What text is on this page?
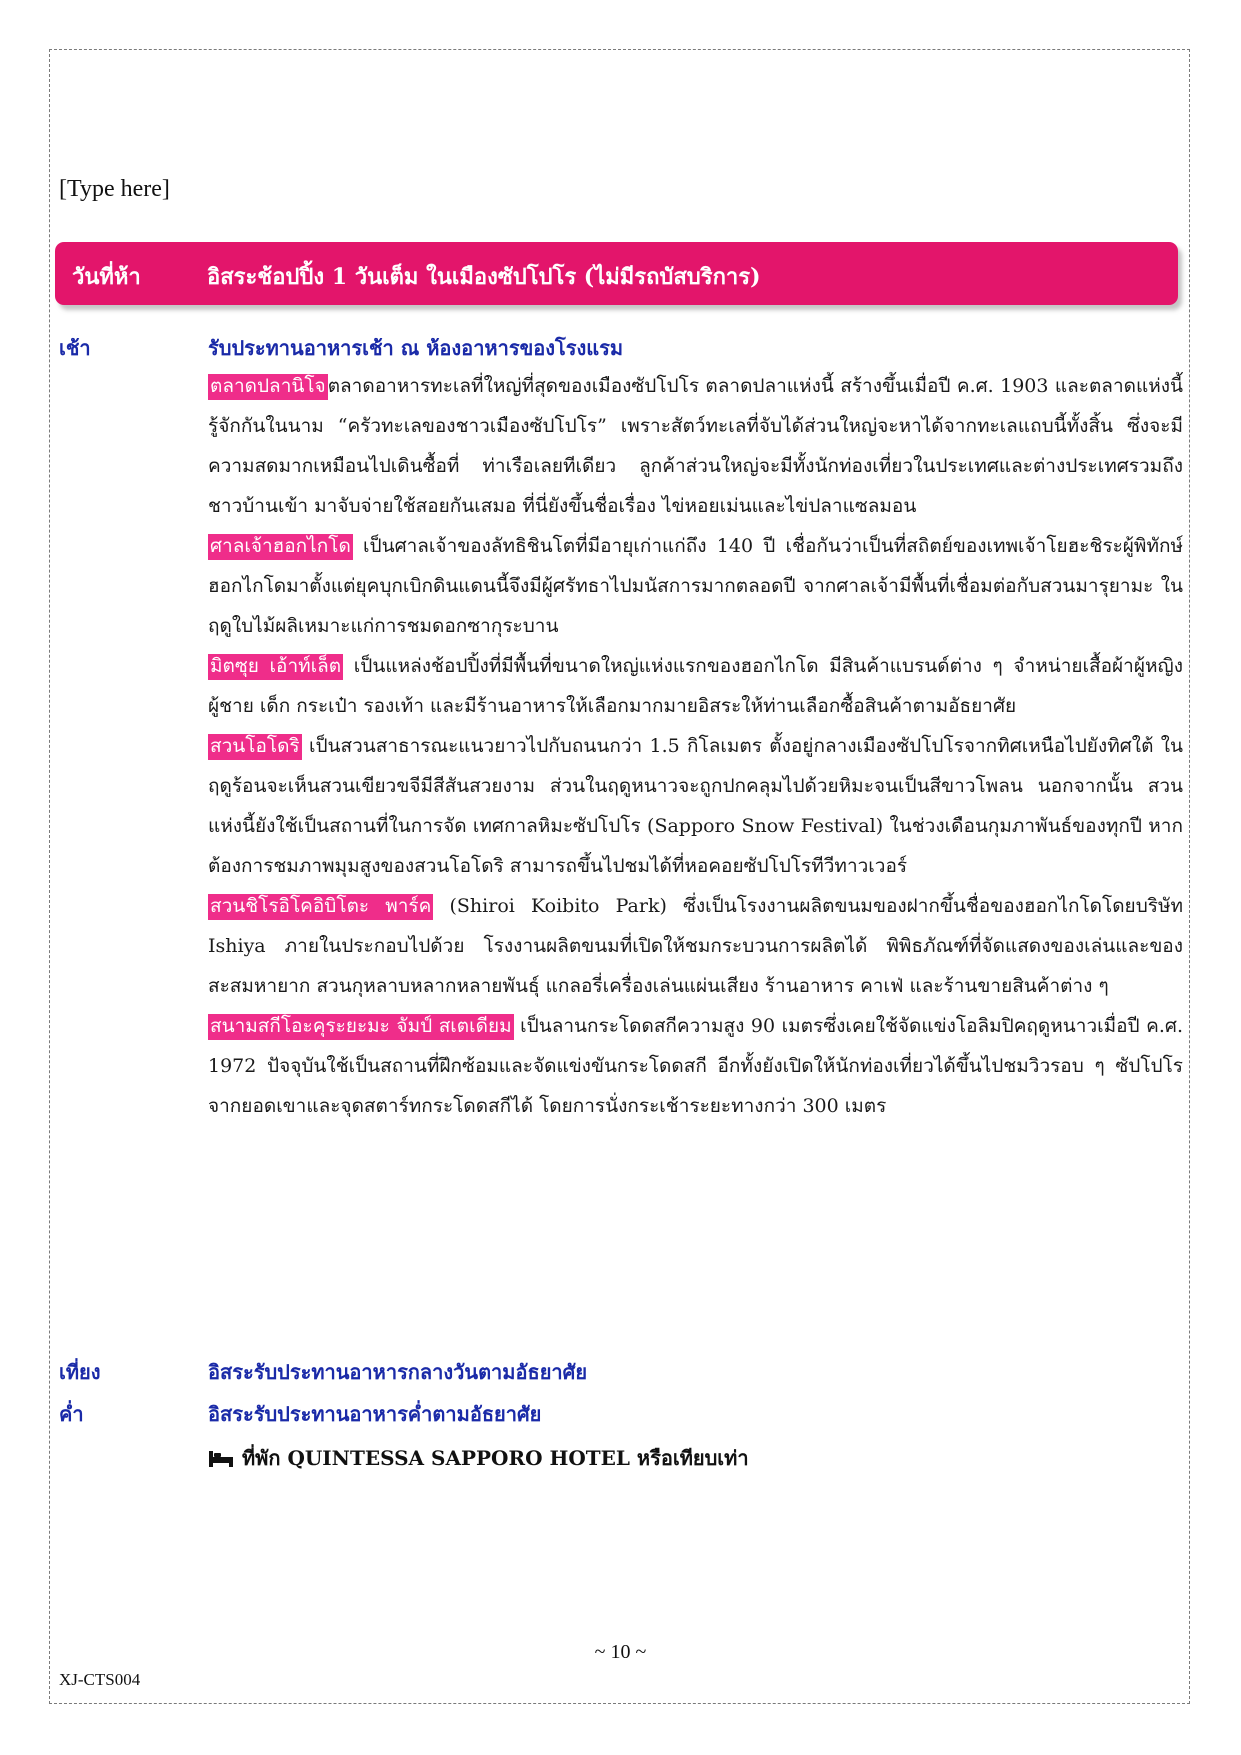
[Type here]
วันที่ห้า	อิสระช้อปปิ้ง 1 วันเต็ม ในเมืองซัปโปโร (ไม่มีรถบัสบริการ)
เช้า	รับประทานอาหารเช้า ณ ห้องอาหารของโรงแรม

ตลาดปลานิโจ ตลาดอาหารทะเลที่ใหญ่ที่สุดของเมืองซัปโปโร ตลาดปลาแห่งนี้ สร้างขึ้นเมื่อปี ค.ศ. 1903 และตลาดแห่งนี้รู้จักกันในนาม “ครัวทะเลของชาวเมืองซัปโปโร” เพราะสัตว์ทะเลที่จับได้ส่วนใหญ่จะหาได้จากทะเลแถบนี้ทั้งสิ้น ซึ่งจะมีความสดมากเหมือนไปเดินซื้อที่ ท่าเรือเลยทีเดียว ลูกค้าส่วนใหญ่จะมีทั้งนักท่องเที่ยวในประเทศและต่างประเทศรวมถึงชาวบ้านเข้า มาจับจ่ายใช้สอยกันเสมอ ที่นี่ยังขึ้นชื่อเรื่อง ไข่หอยเม่นและไข่ปลาแซลมอน

ศาลเจ้าฮอกไกโด เป็นศาลเจ้าของลัทธิชินโตที่มีอายุเก่าแก่ถึง 140 ปี เชื่อกันว่าเป็นที่สถิตย์ของเทพเจ้าโยฮะชิระผู้พิทักษ์ฮอกไกโดมาตั้งแต่ยุคบุกเบิกดินแดนนี้จึงมีผู้ศรัทธาไปมนัสการมากตลอดปี จากศาลเจ้ามีพื้นที่เชื่อมต่อกับสวนมารุยามะ ในฤดูใบไม้ผลิเหมาะแก่การชมดอกซากุระบาน

มิตซุย เอ้าท์เล็ต เป็นแหล่งช้อปปิ้งที่มีพื้นที่ขนาดใหญ่แห่งแรกของฮอกไกโด มีสินค้าแบรนด์ต่าง ๆ จำหน่ายเสื้อผ้าผู้หญิง ผู้ชาย เด็ก กระเป๋า รองเท้า และมีร้านอาหารให้เลือกมากมายอิสระให้ท่านเลือกซื้อสินค้าตามอัธยาศัย

สวนโอโดริ เป็นสวนสาธารณะแนวยาวไปกับถนนกว่า 1.5 กิโลเมตร ตั้งอยู่กลางเมืองซัปโปโรจากทิศเหนือไปยังทิศใต้ ในฤดูร้อนจะเห็นสวนเขียวขจีมีสีสันสวยงาม ส่วนในฤดูหนาวจะถูกปกคลุมไปด้วยหิมะจนเป็นสีขาวโพลน นอกจากนั้น สวนแห่งนี้ยังใช้เป็นสถานที่ในการจัด เทศกาลหิมะซัปโปโร (Sapporo Snow Festival) ในช่วงเดือนกุมภาพันธ์ของทุกปี หากต้องการชมภาพมุมสูงของสวนโอโดริ สามารถขึ้นไปชมได้ที่หอคอยซัปโปโรทีวีทาวเวอร์

สวนชิโรอิโคอิบิโตะ พาร์ค (Shiroi Koibito Park) ซึ่งเป็นโรงงานผลิตขนมของฝากขึ้นชื่อของฮอกไกโดโดยบริษัท Ishiya ภายในประกอบไปด้วย โรงงานผลิตขนมที่เปิดให้ชมกระบวนการผลิตได้ พิพิธภัณฑ์ที่จัดแสดงของเล่นและของสะสมหายาก สวนกุหลาบหลากหลายพันธุ์ แกลอรี่เครื่องเล่นแผ่นเสียง ร้านอาหาร คาเฟ่ และร้านขายสินค้าต่าง ๆ

สนามสกีโอะคุระยะมะ จัมป์ สเตเดียม เป็นลานกระโดดสกีความสูง 90 เมตรซึ่งเคยใช้จัดแข่งโอลิมปิคฤดูหนาวเมื่อปี ค.ศ. 1972 ปัจจุบันใช้เป็นสถานที่ฝึกซ้อมและจัดแข่งขันกระโดดสกี อีกทั้งยังเปิดให้นักท่องเที่ยวได้ขึ้นไปชมวิวรอบ ๆ ซัปโปโรจากยอดเขาและจุดสตาร์ทกระโดดสกีได้ โดยการนั่งกระเช้าระยะทางกว่า 300 เมตร

เที่ยง	อิสระรับประทานอาหารกลางวันตามอัธยาศัย
ค่ำ	อิสระรับประทานอาหารค่ำตามอัธยาศัย
ที่พัก QUINTESSA SAPPORO HOTEL หรือเทียบเท่า
~ 10 ~
XJ-CTS004
